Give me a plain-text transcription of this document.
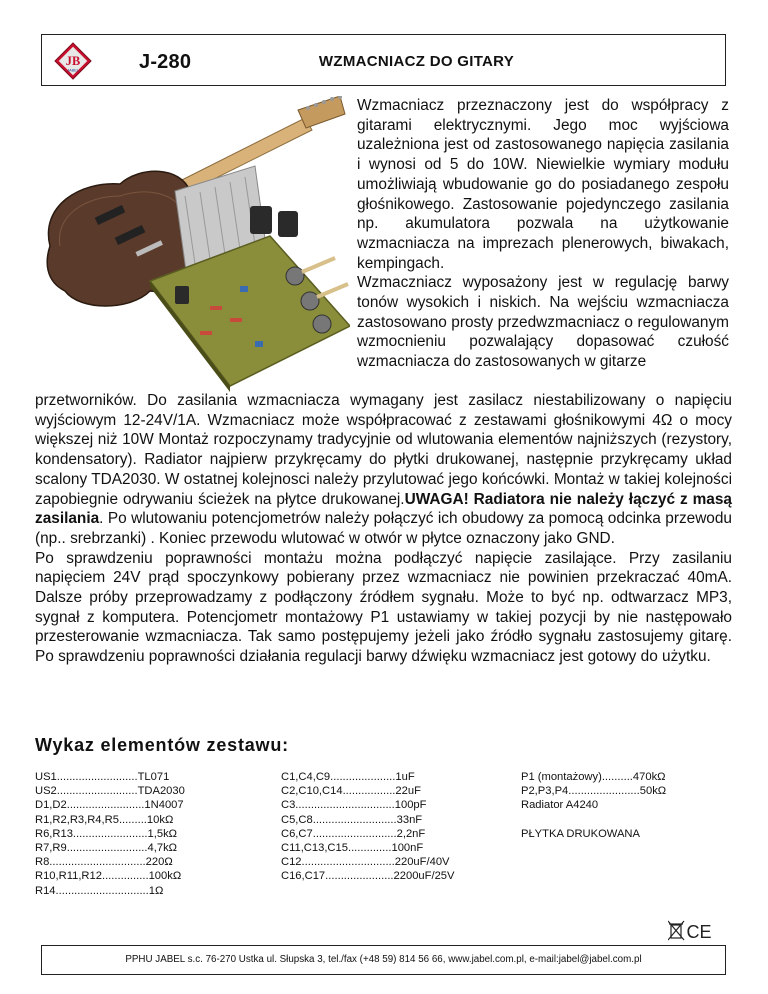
JB
JABEL	J-280	WZMACNIACZ DO GITARY

Wzmacniacz przeznaczony jest do współpracy z gitarami elektrycznymi. Jego moc wyjściowa uzależniona jest od zastosowanego napięcia zasilania i wynosi od 5 do 10W. Niewielkie wymiary modułu umożliwiają wbudowanie go do posiadanego zespołu głośnikowego. Zastosowanie pojedynczego zasilania np. akumulatora pozwala na użytkowanie wzmacniacza na imprezach plenerowych, biwakach, kempingach.

Wzmaczniacz wyposażony jest w regulację barwy tonów wysokich i niskich. Na wejściu wzmacniacza zastosowano prosty przedwzmacniacz o regulowanym wzmocnieniu pozwalający dopasować czułość wzmacniacza do zastosowanych w gitarze

przetworników. Do zasilania wzmacniacza wymagany jest zasilacz niestabilizowany o napięciu wyjściowym 12-24V/1A. Wzmacniacz może współpracować z zestawami głośnikowymi 4Ω o mocy większej niż 10W Montaż rozpoczynamy tradycyjnie od wlutowania elementów najniższych (rezystory, kondensatory). Radiator najpierw przykręcamy do płytki drukowanej, następnie przykręcamy układ scalony TDA2030. W ostatnej kolejnosci należy przylutować jego końcówki. Montaż w takiej kolejności zapobiegnie odrywaniu ścieżek na płytce drukowanej.UWAGA! Radiatora nie należy łączyć z masą zasilania. Po wlutowaniu potencjometrów należy połączyć ich obudowy za pomocą odcinka przewodu (np.. srebrzanki) . Koniec przewodu wlutować w otwór w płytce oznaczony jako GND.

Po sprawdzeniu poprawności montażu można podłączyć napięcie zasilające. Przy zasilaniu napięciem 24V prąd spoczynkowy pobierany przez wzmacniacz nie powinien przekraczać 40mA. Dalsze próby przeprowadzamy z podłączony źródłem sygnału. Może to być np. odtwarzacz MP3, sygnał z komputera. Potencjometr montażowy P1 ustawiamy w takiej pozycji by nie następowało przesterowanie wzmacniacza. Tak samo postępujemy jeżeli jako źródło sygnału zastosujemy gitarę. Po sprawdzeniu poprawności działania regulacji barwy dźwięku wzmacniacz jest gotowy do użytku.

Wykaz elementów zestawu:
US1..........................TL071
US2..........................TDA2030
D1,D2.........................1N4007
R1,R2,R3,R4,R5.........10kΩ
R6,R13........................1,5kΩ
R7,R9..........................4,7kΩ
R8...............................220Ω
R10,R11,R12...............100kΩ
R14..............................1Ω
C1,C4,C9.....................1uF
C2,C10,C14.................22uF
C3................................100pF
C5,C8...........................33nF
C6,C7...........................2,2nF
C11,C13,C15..............100nF
C12..............................220uF/40V
C16,C17......................2200uF/25V
P1 (montażowy)..........470kΩ
P2,P3,P4.......................50kΩ
Radiator A4240
PŁYTKA DRUKOWANA
CE
PPHU JABEL s.c. 76-270 Ustka ul. Słupska 3, tel./fax (+48 59) 814 56 66, www.jabel.com.pl, e-mail:jabel@jabel.com.pl
